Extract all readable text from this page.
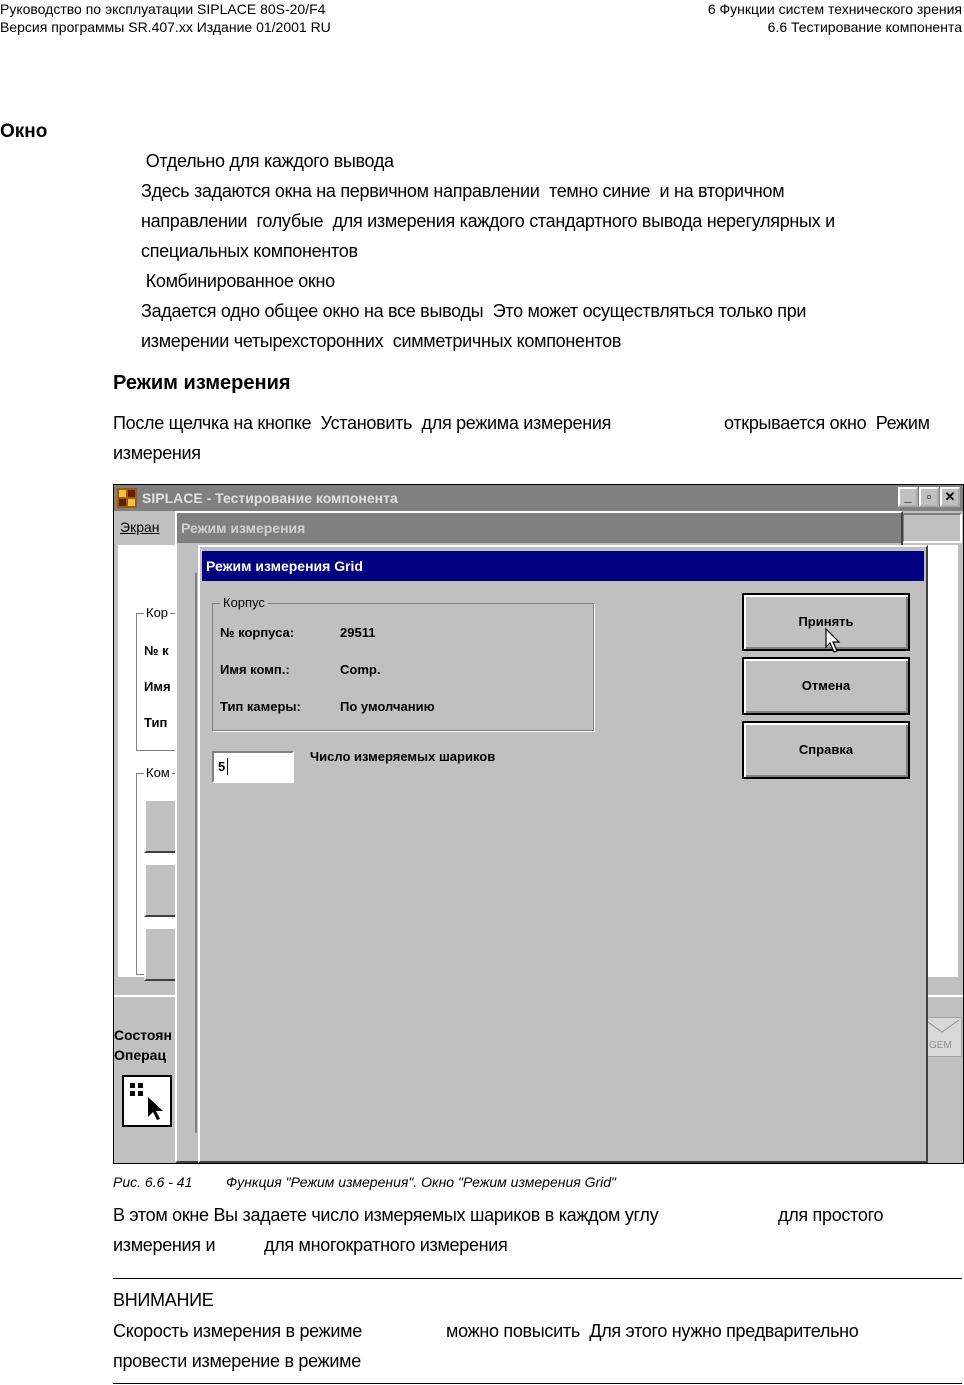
Руководство по эксплуатации SIPLACE 80S-20/F4
Версия программы SR.407.xx Издание 01/2001 RU
6 Функции систем технического зрения
6.6 Тестирование компонента
Окно
Отдельно для каждого вывода
Здесь задаются окна на первичном направлении  темно синие  и на вторичном
направлении  голубые  для измерения каждого стандартного вывода нерегулярных и
специальных компонентов
Комбинированное окно
Задается одно общее окно на все выводы  Это может осуществляться только при
измерении четырехсторонних  симметричных компонентов
Режим измерения
После щелчка на кнопке  Установить  для режима измерения	открывается окно  Режим
измерения
SIPLACE - Тестирование компонента	_	▫	✕
Экран
Кор
№ к
Имя
Тип
Ком
Состоян
Операц
GEM
Режим измерения
Режим измерения Grid
Корпус
№ корпуса:	29511
Имя комп.:	Comp.
Тип камеры:	По умолчанию
5
Число измеряемых шариков
Принять
Отмена
Справка
Рис. 6.6 - 41 Функция "Режим измерения". Окно "Режим измерения Grid"
В этом окне Вы задаете число измеряемых шариков в каждом углу	для простого
измерения и	для многократного измерения
ВНИМАНИЕ
Скорость измерения в режиме	можно повысить  Для этого нужно предварительно
провести измерение в режиме
